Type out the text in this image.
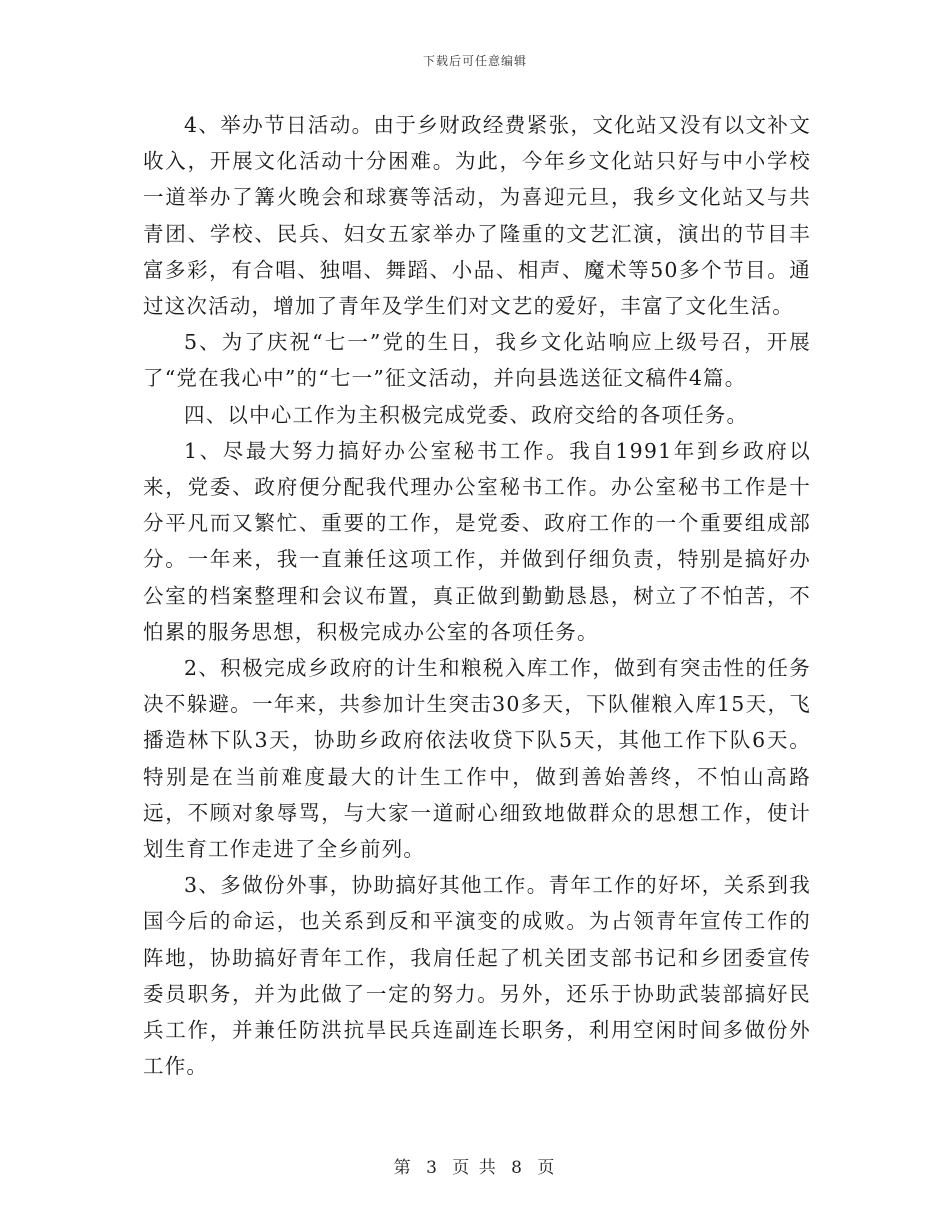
下载后可任意编辑

4、举办节日活动。由于乡财政经费紧张，文化站又没有以文补文收入，开展文化活动十分困难。为此，今年乡文化站只好与中小学校一道举办了篝火晚会和球赛等活动，为喜迎元旦，我乡文化站又与共青团、学校、民兵、妇女五家举办了隆重的文艺汇演，演出的节目丰富多彩，有合唱、独唱、舞蹈、小品、相声、魔术等50多个节目。通过这次活动，增加了青年及学生们对文艺的爱好，丰富了文化生活。

5、为了庆祝“七一”党的生日，我乡文化站响应上级号召，开展了“党在我心中”的“七一”征文活动，并向县选送征文稿件4篇。

四、以中心工作为主积极完成党委、政府交给的各项任务。

1、尽最大努力搞好办公室秘书工作。我自1991年到乡政府以来，党委、政府便分配我代理办公室秘书工作。办公室秘书工作是十分平凡而又繁忙、重要的工作，是党委、政府工作的一个重要组成部分。一年来，我一直兼任这项工作，并做到仔细负责，特别是搞好办公室的档案整理和会议布置，真正做到勤勤恳恳，树立了不怕苦，不怕累的服务思想，积极完成办公室的各项任务。

2、积极完成乡政府的计生和粮税入库工作，做到有突击性的任务决不躲避。一年来，共参加计生突击30多天，下队催粮入库15天，飞播造林下队3天，协助乡政府依法收贷下队5天，其他工作下队6天。特别是在当前难度最大的计生工作中，做到善始善终，不怕山高路远，不顾对象辱骂，与大家一道耐心细致地做群众的思想工作，使计划生育工作走进了全乡前列。

3、多做份外事，协助搞好其他工作。青年工作的好坏，关系到我国今后的命运，也关系到反和平演变的成败。为占领青年宣传工作的阵地，协助搞好青年工作，我肩任起了机关团支部书记和乡团委宣传委员职务，并为此做了一定的努力。另外，还乐于协助武装部搞好民兵工作，并兼任防洪抗旱民兵连副连长职务，利用空闲时间多做份外工作。

第 3 页 共 8 页
